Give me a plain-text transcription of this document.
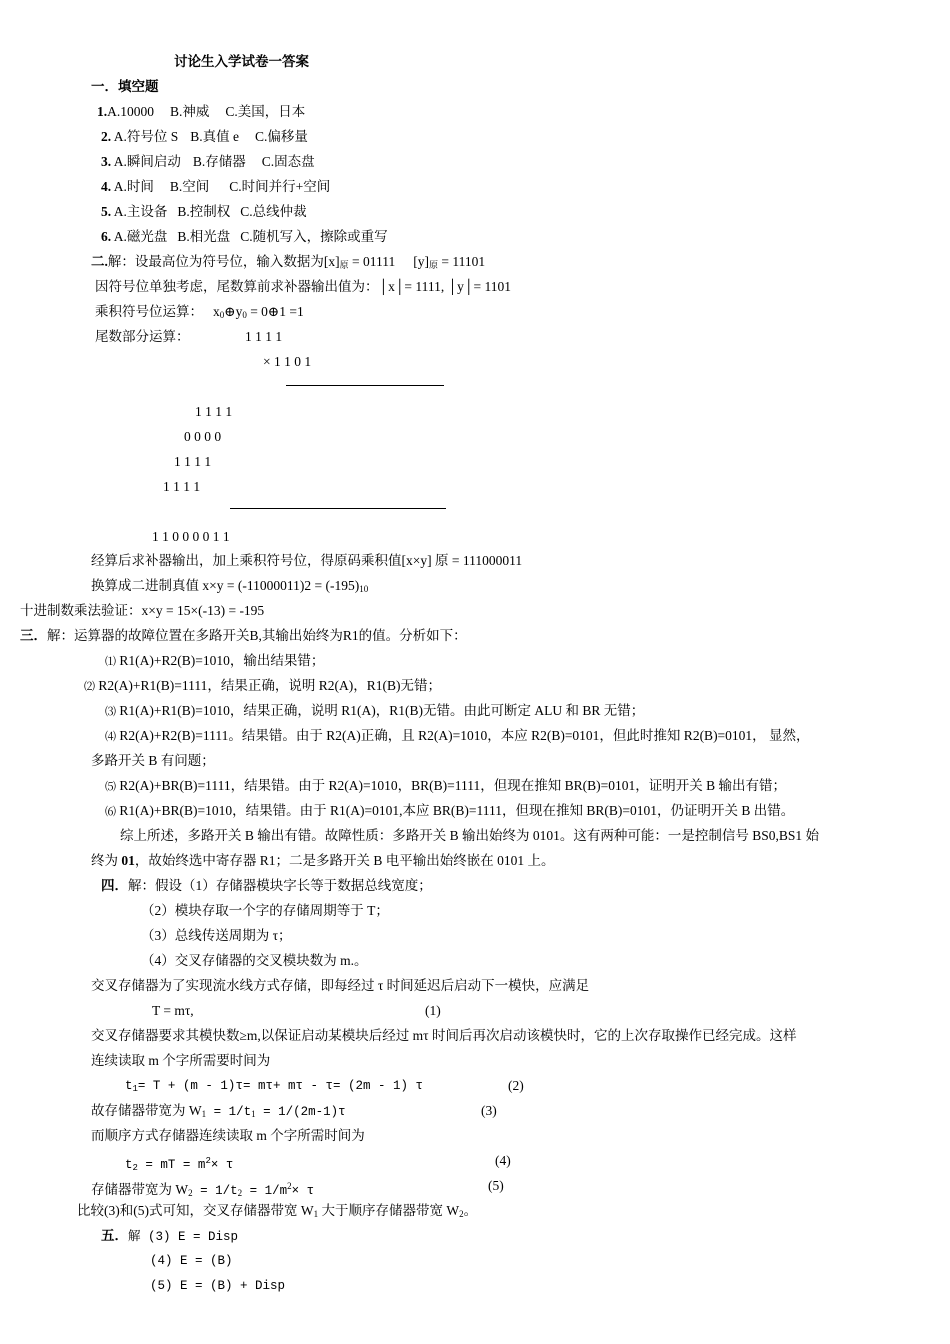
讨论生入学试卷一答案
一．填空题
1.A.10000 B.神威 C.美国，日本
2. A.符号位 S B.真值 e C.偏移量
3. A.瞬间启动 B.存储器 C.固态盘
4. A.时间 B.空间 C.时间并行+空间
5. A.主设备 B.控制权 C.总线仲裁
6. A.磁光盘 B.相光盘 C.随机写入，擦除或重写
二.解：设最高位为符号位，输入数据为$[x]_原 = 01111$ $[y]_原 = 11101$
因符号位单独考虑，尾数算前求补器输出值为：│x│= 1111, │y│= 1101
乘积符号位运算： $x_0\oplus y_0$ = 0⊕1 =1
尾数部分运算：	1 1 1 1
× 1 1 0 1
1 1 1 1
0 0 0 0
1 1 1 1
1 1 1 1
1 1 0 0 0 0 1 1
经算后求补器输出，加上乘积符号位，得原码乘积值[x×y] 原 = 111000011
换算成二进制真值 $x\times y = (-11000011)2 = (-195)_{10}$
十进制数乘法验证：x×y = 15×(-13) = -195
三．解：运算器的故障位置在多路开关B,其输出始终为R1的值。分析如下：
⑴ R1(A)+R2(B)=1010，输出结果错；
⑵ R2(A)+R1(B)=1111，结果正确，说明 R2(A)，R1(B)无错；
⑶ R1(A)+R1(B)=1010，结果正确，说明 R1(A)，R1(B)无错。由此可断定 ALU 和 BR 无错；
⑷ R2(A)+R2(B)=1111。结果错。由于 R2(A)正确，且 R2(A)=1010，本应 R2(B)=0101，但此时推知 R2(B)=0101， 显然，
多路开关 B 有问题；
⑸ R2(A)+BR(B)=1111，结果错。由于 R2(A)=1010，BR(B)=1111，但现在推知 BR(B)=0101，证明开关 B 输出有错；
⑹ R1(A)+BR(B)=1010，结果错。由于 R1(A)=0101,本应 BR(B)=1111，但现在推知 BR(B)=0101，仍证明开关 B 出错。
综上所述，多路开关 B 输出有错。故障性质：多路开关 B 输出始终为 0101。这有两种可能：一是控制信号 BS0,BS1 始
终为 01，故始终选中寄存器 R1；二是多路开关 B 电平输出始终嵌在 0101 上。
四．解：假设（1）存储器模块字长等于数据总线宽度；
（2）模块存取一个字的存储周期等于 T；
（3）总线传送周期为 τ；
（4）交叉存储器的交叉模块数为 m.。
交叉存储器为了实现流水线方式存储，即每经过 τ 时间延迟后启动下一模快，应满足
T = mτ,	(1)
交叉存储器要求其模快数≥m,以保证启动某模块后经过 mτ 时间后再次启动该模快时，它的上次存取操作已经完成。这样
连续读取 m 个字所需要时间为
$t_1= T + (m - 1)\tau= m\tau+ m\tau - \tau= (2m - 1)$ τ	(2)
故存储器带宽为 $W_1 = 1/t_1 = 1/(2m-1)\tau$	(3)
而顺序方式存储器连续读取 m 个字所需时间为
$t_2$ = mT = $m^2\times \tau$	(4)
存储器带宽为 $W_2 = 1/t_2 = 1/m^2\times \tau$	(5)
比较(3)和(5)式可知，交叉存储器带宽 $W_1$ 大于顺序存储器带宽 $W_2$。
五．解 (3) E = Disp
(4) E = (B)
(5) E = (B) + Disp
